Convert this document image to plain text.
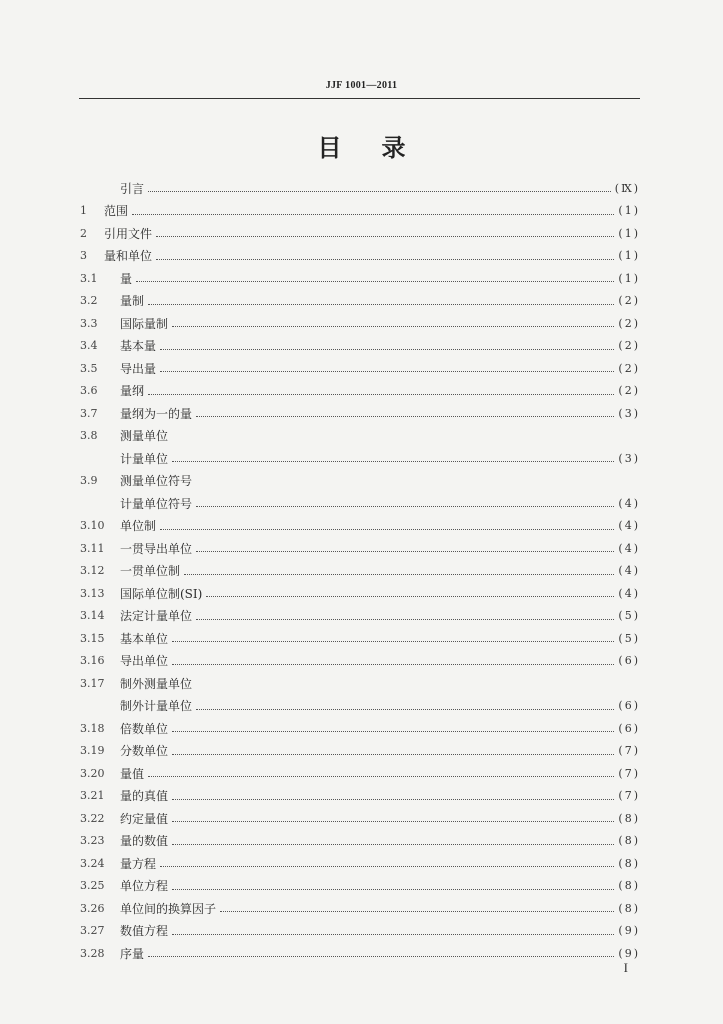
JJF 1001—2011
目 录
引言	(Ⅸ)
1	范围	(1)
2	引用文件	(1)
3	量和单位	(1)
3.1	量	(1)
3.2	量制	(2)
3.3	国际量制	(2)
3.4	基本量	(2)
3.5	导出量	(2)
3.6	量纲	(2)
3.7	量纲为一的量	(3)
3.8	测量单位
计量单位	(3)
3.9	测量单位符号
计量单位符号	(4)
3.10	单位制	(4)
3.11	一贯导出单位	(4)
3.12	一贯单位制	(4)
3.13	国际单位制(SI)	(4)
3.14	法定计量单位	(5)
3.15	基本单位	(5)
3.16	导出单位	(6)
3.17	制外测量单位
制外计量单位	(6)
3.18	倍数单位	(6)
3.19	分数单位	(7)
3.20	量值	(7)
3.21	量的真值	(7)
3.22	约定量值	(8)
3.23	量的数值	(8)
3.24	量方程	(8)
3.25	单位方程	(8)
3.26	单位间的换算因子	(8)
3.27	数值方程	(9)
3.28	序量	(9)
I
